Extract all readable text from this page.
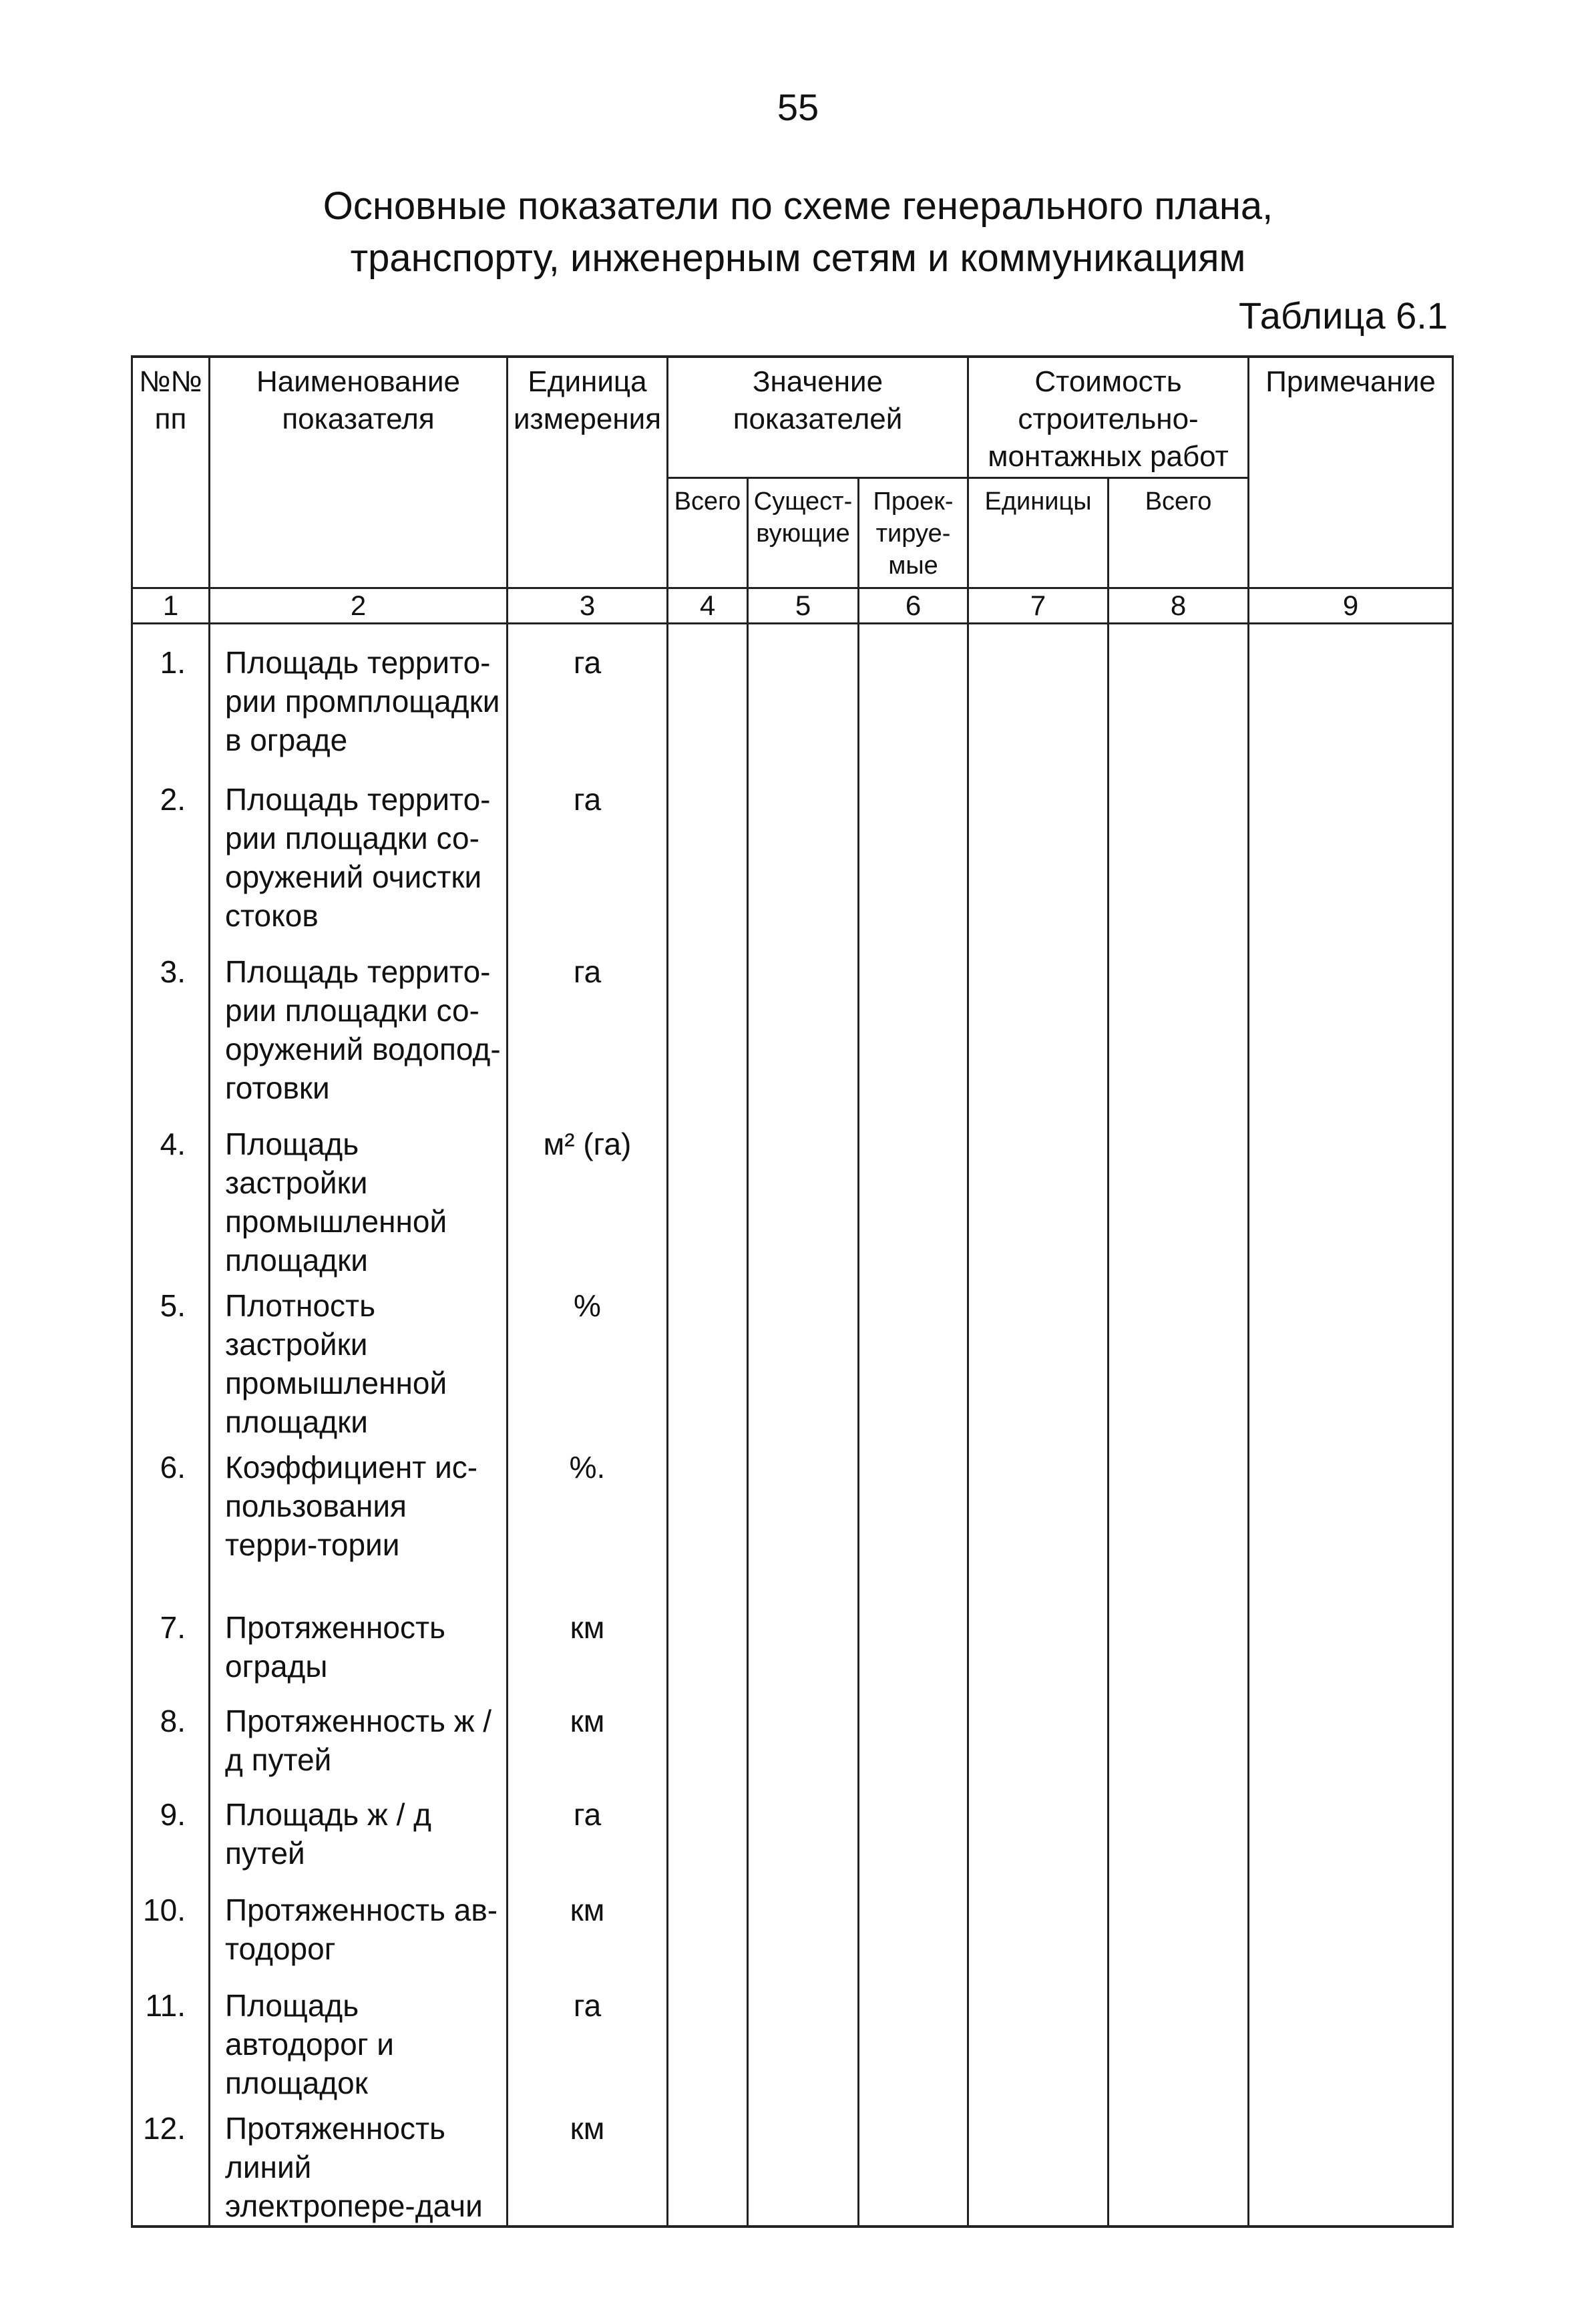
55
Основные показатели по схеме генерального плана,
транспорту, инженерным сетям и коммуникациям
Таблица 6.1
№№ пп	Наименование показателя	Единица измерения	Значение показателей			Стоимость строительно-монтажных работ		Примечание
			Всего	Сущест-вующие	Проек-тируе-мые	Единицы	Всего	
1	2	3	4	5	6	7	8	9

1.	Площадь террито-рии промплощадки в ограде	га						
2.	Площадь террито-рии площадки со-оружений очистки стоков	га						
3.	Площадь террито-рии площадки со-оружений водопод-готовки	га						
4.	Площадь застройки промышленной площадки	м² (га)						
5.	Плотность застройки промышленной площадки	%						
6.	Коэффициент ис-пользования терри-тории	%.						
7.	Протяженность ограды	км						
8.	Протяженность ж / д путей	км						
9.	Площадь ж / д путей	га						
10.	Протяженность ав-тодорог	км						
11.	Площадь автодорог и площадок	га						
12.	Протяженность линий электропере-дачи	км						
